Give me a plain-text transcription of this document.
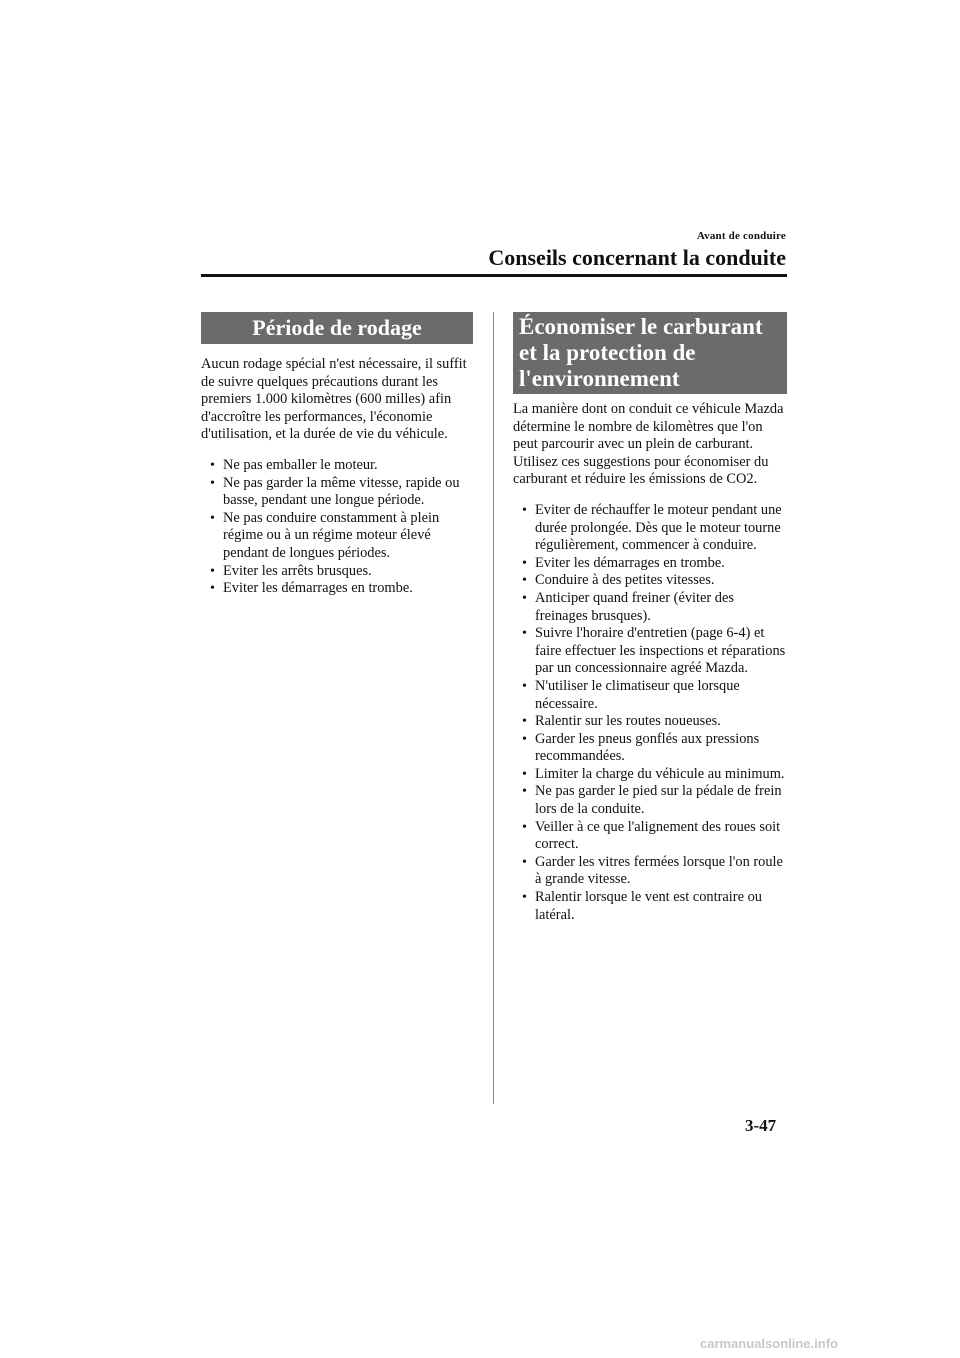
Avant de conduire
Conseils concernant la conduite
Période de rodage

Aucun rodage spécial n'est nécessaire, il suffit de suivre quelques précautions durant les premiers 1.000 kilomètres (600 milles) afin d'accroître les performances, l'économie d'utilisation, et la durée de vie du véhicule.

• Ne pas emballer le moteur.
• Ne pas garder la même vitesse, rapide ou basse, pendant une longue période.
• Ne pas conduire constamment à plein régime ou à un régime moteur élevé pendant de longues périodes.
• Eviter les arrêts brusques.
• Eviter les démarrages en trombe.
Économiser le carburant et la protection de l'environnement

La manière dont on conduit ce véhicule Mazda détermine le nombre de kilomètres que l'on peut parcourir avec un plein de carburant. Utilisez ces suggestions pour économiser du carburant et réduire les émissions de CO2.

• Eviter de réchauffer le moteur pendant une durée prolongée. Dès que le moteur tourne régulièrement, commencer à conduire.
• Eviter les démarrages en trombe.
• Conduire à des petites vitesses.
• Anticiper quand freiner (éviter des freinages brusques).
• Suivre l'horaire d'entretien (page 6-4) et faire effectuer les inspections et réparations par un concessionnaire agréé Mazda.
• N'utiliser le climatiseur que lorsque nécessaire.
• Ralentir sur les routes noueuses.
• Garder les pneus gonflés aux pressions recommandées.
• Limiter la charge du véhicule au minimum.
• Ne pas garder le pied sur la pédale de frein lors de la conduite.
• Veiller à ce que l'alignement des roues soit correct.
• Garder les vitres fermées lorsque l'on roule à grande vitesse.
• Ralentir lorsque le vent est contraire ou latéral.
3-47
carmanualsonline.info
